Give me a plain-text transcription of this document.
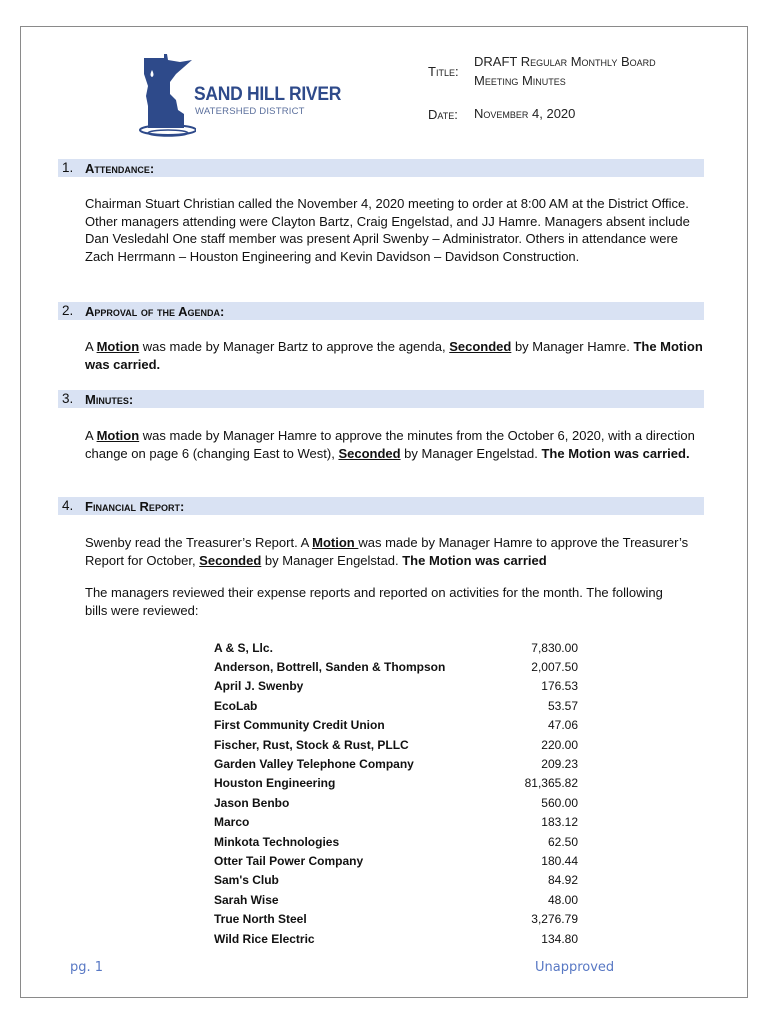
SAND HILL RIVER
WATERSHED DISTRICT
Title:
DRAFT Regular Monthly Board
Meeting Minutes
Date: November 4, 2020
1. Attendance:
Chairman Stuart Christian called the November 4, 2020 meeting to order at 8:00 AM at the District Office. Other managers attending were Clayton Bartz, Craig Engelstad, and JJ Hamre. Managers absent include Dan Vesledahl One staff member was present April Swenby – Administrator. Others in attendance were Zach Herrmann – Houston Engineering and Kevin Davidson – Davidson Construction.
2. Approval of the Agenda:
A Motion was made by Manager Bartz to approve the agenda, Seconded by Manager Hamre. The Motion was carried.
3. Minutes:
A Motion was made by Manager Hamre to approve the minutes from the October 6, 2020, with a direction change on page 6 (changing East to West), Seconded by Manager Engelstad. The Motion was carried.
4. Financial Report:
Swenby read the Treasurer’s Report. A Motion was made by Manager Hamre to approve the Treasurer’s Report for October, Seconded by Manager Engelstad. The Motion was carried
The managers reviewed their expense reports and reported on activities for the month. The following bills were reviewed:
A & S, Llc.	7,830.00
Anderson, Bottrell, Sanden & Thompson	2,007.50
April J. Swenby	176.53
EcoLab	53.57
First Community Credit Union	47.06
Fischer, Rust, Stock & Rust, PLLC	220.00
Garden Valley Telephone Company	209.23
Houston Engineering	81,365.82
Jason Benbo	560.00
Marco	183.12
Minkota Technologies	62.50
Otter Tail Power Company	180.44
Sam's Club	84.92
Sarah Wise	48.00
True North Steel	3,276.79
Wild Rice Electric	134.80
pg. 1	Unapproved
